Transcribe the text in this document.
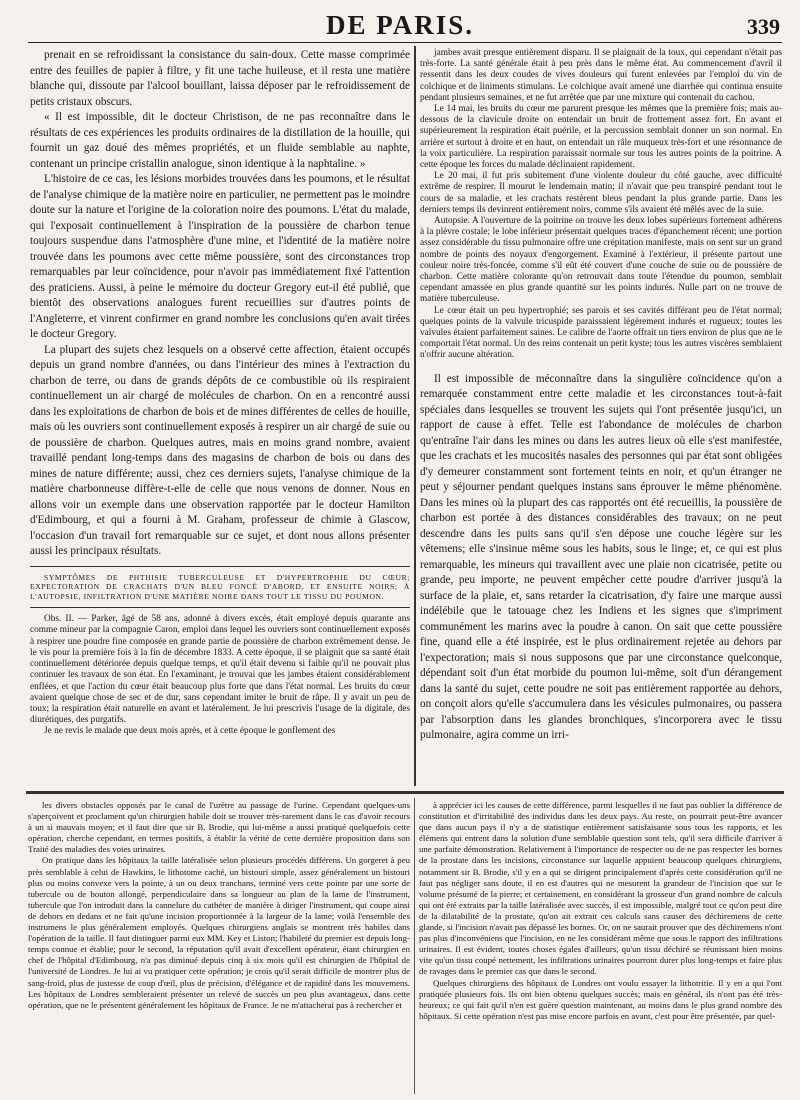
DE PARIS.	339

prenait en se refroidissant la consistance du sain-doux. Cette masse comprimée entre des feuilles de papier à filtre, y fit une tache huileuse, et il resta une matière blanche qui, dissoute par l'alcool bouillant, laissa déposer par le refroidissement de petits cristaux obscurs.

« Il est impossible, dit le docteur Christison, de ne pas reconnaître dans le résultats de ces expériences les produits ordinaires de la distillation de la houille, qui fournit un gaz doué des mêmes propriétés, et un fluide semblable au naphte, contenant un principe cristallin analogue, sinon identique à la naphtaline. »

L'histoire de ce cas, les lésions morbides trouvées dans les poumons, et le résultat de l'analyse chimique de la matière noire en particulier, ne permettent pas le moindre doute sur la nature et l'origine de la coloration noire des poumons. L'état du malade, qui l'exposait continuellement à l'inspiration de la poussière de charbon tenue toujours suspendue dans l'atmosphère d'une mine, et l'identité de la matière noire trouvée dans les poumons avec cette même poussière, sont des circonstances trop remarquables par leur coïncidence, pour n'avoir pas immédiatement fixé l'attention des praticiens. Aussi, à peine le mémoire du docteur Gregory eut-il été publié, que bientôt des observations analogues furent recueillies sur d'autres points de l'Angleterre, et vinrent confirmer en grand nombre les conclusions qu'en avait tirées le docteur Gregory.

La plupart des sujets chez lesquels on a observé cette affection, étaient occupés depuis un grand nombre d'années, ou dans l'intérieur des mines à l'extraction du charbon de terre, ou dans de grands dépôts de ce combustible où ils respiraient continuellement un air chargé de molécules de charbon. On en a rencontré aussi dans les exploitations de charbon de bois et de mines différentes de celles de houille, mais où les ouvriers sont continuellement exposés à respirer un air chargé de suie ou de poussière de charbon. Quelques autres, mais en moins grand nombre, avaient travaillé pendant long-temps dans des magasins de charbon de bois ou dans des mines de nature différente; aussi, chez ces derniers sujets, l'analyse chimique de la matière charbonneuse diffère-t-elle de celle que nous venons de donner. Nous en allons voir un exemple dans une observation rapportée par le docteur Hamilton d'Edimbourg, et qui a fourni à M. Graham, professeur de chimie à Glascow, l'occasion d'un travail fort remarquable sur ce sujet, et dont nous allons présenter aussi les principaux résultats.

SYMPTÔMES DE PHTHISIE TUBERCULEUSE ET D'HYPERTROPHIE DU CŒUR; EXPECTORATION DE CRACHATS D'UN BLEU FONCÉ D'ABORD, ET ENSUITE NOIRS; À L'AUTOPSIE, INFILTRATION D'UNE MATIÈRE NOIRE DANS TOUT LE TISSU DU POUMON.

Obs. II. — Parker, âgé de 58 ans, adonné à divers excès, était employé depuis quarante ans comme mineur par la compagnie Caron, emploi dans lequel les ouvriers sont continuellement exposés à respirer une poudre fine composée en grande partie de poussière de charbon extrêmement dense. Je le vis pour la première fois à la fin de décembre 1833. A cette époque, il se plaignit que sa santé était continuellement détériorée depuis quelque temps, et qu'il était devenu si faible qu'il ne pouvait plus continuer les travaux de son état. En l'examinant, je trouvai que les jambes étaient considérablement enflées, et que l'action du cœur était beaucoup plus forte que dans l'état normal. Les bruits du cœur avaient quelque chose de sec et de dur, sans cependant imiter le bruit de râpe. Il y avait un peu de toux; la respiration était naturelle en avant et latéralement. Je lui prescrivis l'usage de la digitale, des diurétiques, des purgatifs.

Je ne revis le malade que deux mois après, et à cette époque le gonflement des

jambes avait presque entièrement disparu. Il se plaignait de la toux, qui cependant n'était pas très-forte. La santé générale était à peu près dans le même état. Au commencement d'avril il ressentit dans les deux coudes de vives douleurs qui furent enlevées par l'emploi du vin de colchique et de liniments stimulans. Le colchique avait amené une diarrhée qui continua ensuite pendant plusieurs semaines, et ne fut arrêtée que par une mixture qui contenait du cachou.

Le 14 mai, les bruits du cœur me parurent presque les mêmes que la première fois; mais au-dessous de la clavicule droite on entendait un bruit de frottement assez fort. En avant et supérieurement la respiration était puérile, et la percussion semblait donner un son normal. En arrière et surtout à droite et en haut, on entendait un râle muqueux très-fort et une résonnance de la voix particulière. La respiration paraissait normale sur tous les autres points de la poitrine. A cette époque les forces du malade déclinaient rapidement.

Le 20 mai, il fut pris subitement d'une violente douleur du côté gauche, avec difficulté extrême de respirer. Il mourut le lendemain matin; il n'avait que peu transpiré pendant tout le cours de sa maladie, et les crachats restèrent bleus pendant la plus grande partie. Dans les derniers temps ils devinrent entièrement noirs, comme s'ils avaient été mêlés avec de la suie.

Autopsie. A l'ouverture de la poitrine on trouve les deux lobes supérieurs fortement adhérens à la plèvre costale; le lobe inférieur présentait quelques traces d'épanchement récent; une portion assez considérable du tissu pulmonaire offre une crépitation manifeste, mais on sent sur un grand nombre de points des noyaux d'engorgement. Examiné à l'extérieur, il présente partout une couleur noire très-foncée, comme s'il eût été couvert d'une couche de suie ou de poussière de charbon. Cette matière colorante qu'on retrouvait dans toute l'étendue du poumon, semblait cependant amassée en plus grande quantité sur les points indurés. Nulle part on ne trouve de matière tuberculeuse.

Le cœur était un peu hypertrophié; ses parois et ses cavités différant peu de l'état normal; quelques points de la valvule tricuspide paraissaient légèrement indurés et rugueux; toutes les valvules étaient parfaitement saines. Le calibre de l'aorte offrait un tiers environ de plus que ne le comportait l'état normal. Un des reins contenait un petit kyste; tous les autres viscères semblaient n'offrir aucune altération.

Il est impossible de méconnaître dans la singulière coïncidence qu'on a remarquée constamment entre cette maladie et les circonstances tout-à-fait spéciales dans lesquelles se trouvent les sujets qui l'ont présentée jusqu'ici, un rapport de cause à effet. Telle est l'abondance de molécules de charbon qu'entraîne l'air dans les mines ou dans les autres lieux où elle s'est manifestée, que les crachats et les mucosités nasales des personnes qui par état sont obligées d'y demeurer constamment sont fortement teints en noir, et qu'un étranger ne peut y séjourner pendant quelques instans sans éprouver le même phénomène. Dans les mines où la plupart des cas rapportés ont été recueillis, la poussière de charbon est portée à des distances considérables des travaux; on ne peut descendre dans les puits sans qu'il s'en dépose une couche légère sur les vêtemens; elle s'insinue même sous les habits, sous le linge; et, ce qui est plus remarquable, les mineurs qui travaillent avec une plaie non cicatrisée, petite ou grande, peu importe, ne peuvent empêcher cette poudre d'arriver jusqu'à la surface de la plaie, et, sans retarder la cicatrisation, d'y faire une marque aussi indélébile que le tatouage chez les Indiens et les signes que s'impriment communément les marins avec la poudre à canon. On sait que cette poussière fine, quand elle a été inspirée, est le plus ordinairement rejetée au dehors par l'expectoration; mais si nous supposons que par une circonstance quelconque, dépendant soit d'un état morbide du poumon lui-même, soit d'un dérangement dans la santé du sujet, cette poudre ne soit pas entièrement rapportée au dehors, on conçoit alors qu'elle s'accumulera dans les vésicules pulmonaires, ou passera par l'absorption dans les glandes bronchiques, s'incorporera avec le tissu pulmonaire, agira comme un irri-

les divers obstacles opposés par le canal de l'urètre au passage de l'urine. Cependant quelques-uns s'aperçoivent et proclament qu'un chirurgien habile doit se trouver très-rarement dans le cas d'avoir recours à un si mauvais moyen; et il faut dire que sir B. Brodie, qui lui-même a aussi pratiqué quelquefois cette opération, cherche cependant, en termes positifs, à établir la vérité de cette dernière proposition dans son Traité des maladies des voies urinaires.

On pratique dans les hôpitaux la taille latéralisée selon plusieurs procédés différens. Un gorgeret à peu près semblable à celui de Hawkins, le lithotome caché, un bistouri simple, assez généralement un bistouri plus ou moins convexe vers la pointe, à un ou deux tranchans, terminé vers cette pointe par une sorte de tubercule ou de bouton allongé, perpendiculaire dans sa longueur au plan de la lame de l'instrument, tubercule que l'on introduit dans la cannelure du cathéter de manière à diriger l'instrument, qui coupe ainsi de dehors en dedans et ne fait qu'une incision proportionnée à la largeur de la lame; voilà l'ensemble des instrumens le plus généralement employés. Quelques chirurgiens anglais se montrent très habiles dans l'opération de la taille. Il faut distinguer parmi eux MM. Key et Liston; l'habileté du premier est depuis long-temps connue et établie; pour le second, la réputation qu'il avait d'excellent opérateur, étant chirurgien en chef de l'hôpital d'Edimbourg, n'a pas diminué depuis cinq à six mois qu'il est chirurgien de l'hôpital de l'université de Londres. Je lui ai vu pratiquer cette opération; je crois qu'il serait difficile de montrer plus de sang-froid, plus de justesse de coup d'œil, plus de précision, d'élégance et de rapidité dans les mouvemens. Les hôpitaux de Londres sembleraient présenter un relevé de succès un peu plus avantageux, dans cette opération, que ne le présentent généralement les hôpitaux de France. Je ne m'attacherai pas à rechercher et

à apprécier ici les causes de cette différence, parmi lesquelles il ne faut pas oublier la différence de constitution et d'irritabilité des individus dans les deux pays. Au reste, on pourrait peut-être avancer que dans aucun pays il n'y a de statistique entièrement satisfaisante sous tous les rapports, et les élémens qui entrent dans la solution d'une semblable question sont tels, qu'il sera difficile d'arriver à une parfaite démonstration. Relativement à l'importance de respecter ou de ne pas respecter les bornes de la prostate dans les incisions, circonstance sur laquelle appuient beaucoup quelques chirurgiens, notamment sir B. Brodie, s'il y en a qui se dirigent principalement d'après cette considération qu'il ne faut pas négliger sans doute, il en est d'autres qui ne mesurent la grandeur de l'incision que sur le volume présumé de la pierre; et certainement, en considérant la grosseur d'un grand nombre de calculs qui ont été extraits par la taille latéralisée avec succès, il est impossible, malgré tout ce qu'on peut dire de la dilatabilité de la prostate, qu'on ait extrait ces calculs sans causer des déchiremens de cette glande, si l'incision n'avait pas dépassé les bornes. Or, on ne saurait prouver que des déchiremens n'ont pas plus d'inconvéniens que l'incision, en ne les considérant même que sous le rapport des infiltrations urinaires. Il est évident, toutes choses égales d'ailleurs, qu'un tissu déchiré se réunissant bien moins vite qu'un tissu coupé nettement, les infiltrations urinaires pourront durer plus long-temps et faire plus de ravages dans le premier cas que dans le second.

Quelques chirurgiens des hôpitaux de Londres ont voulu essayer la lithotritie. Il y en a qui l'ont pratiquée plusieurs fois. Ils ont bien obtenu quelques succès; mais en général, ils n'ont pas été très-heureux; ce qui fait qu'il n'en est guère question maintenant, au moins dans le plus grand nombre des hôpitaux. Si cette opération n'est pas mise encore parfois en avant, c'est pour être présentée, par quel-
